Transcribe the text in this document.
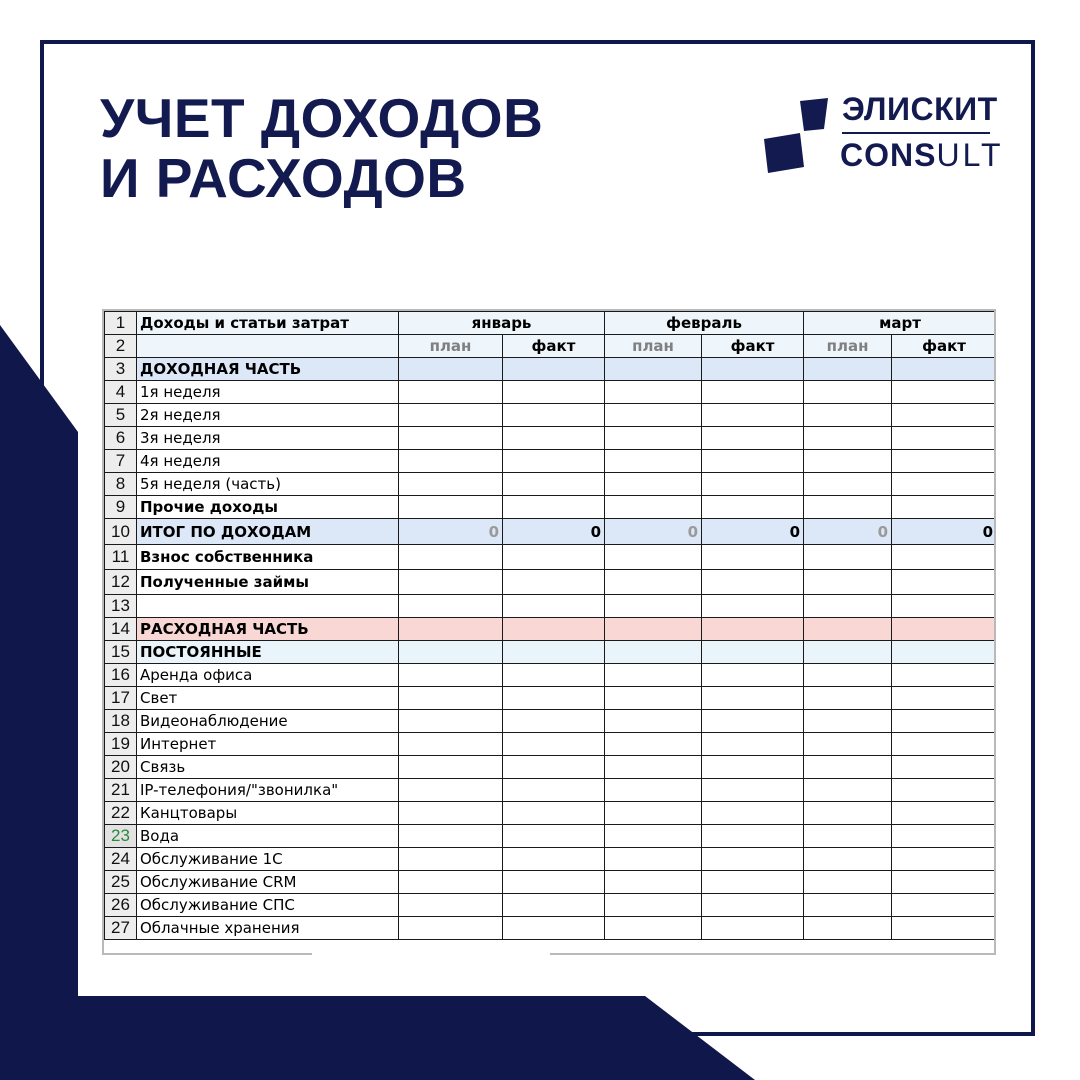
УЧЕТ ДОХОДОВ
И РАСХОДОВ
ЭЛИСКИТ
CONSULT
1	Доходы и статьи затрат	январь		февраль		март	
2		план	факт	план	факт	план	факт
3	ДОХОДНАЯ ЧАСТЬ						
4	1я неделя						
5	2я неделя						
6	3я неделя						
7	4я неделя						
8	5я неделя (часть)						
9	Прочие доходы						
10	ИТОГ ПО ДОХОДАМ	0	0	0	0	0	0
11	Взнос собственника						
12	Полученные займы						
13							
14	РАСХОДНАЯ ЧАСТЬ						
15	ПОСТОЯННЫЕ						
16	Аренда офиса						
17	Свет						
18	Видеонаблюдение						
19	Интернет						
20	Связь						
21	IP-телефония/"звонилка"						
22	Канцтовары						
23	Вода						
24	Обслуживание 1С						
25	Обслуживание CRM						
26	Обслуживание СПС						
27	Облачные хранения						
